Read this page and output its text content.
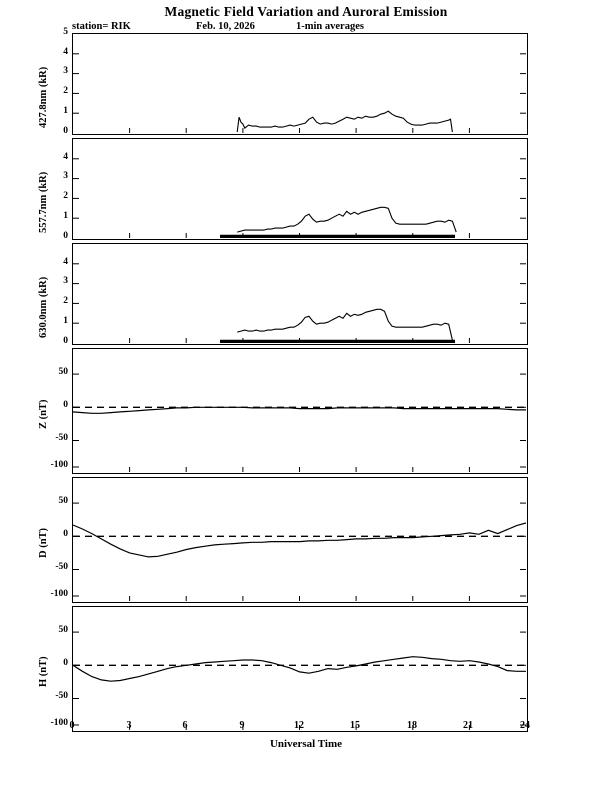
Magnetic Field Variation and Auroral Emission
station= RIK	Feb. 10, 2026	1-min averages
427.8nm (kR)
0
1
2
3
4
5
557.7nm (kR)
0
1
2
3
4
630.0nm (kR)
0
1
2
3
4
Z (nT)
50
0
-50
-100
D (nT)
50
0
-50
-100
H (nT)
50
0
-50
-100 0	3	6	9	12	15	18	21	24
Universal Time
